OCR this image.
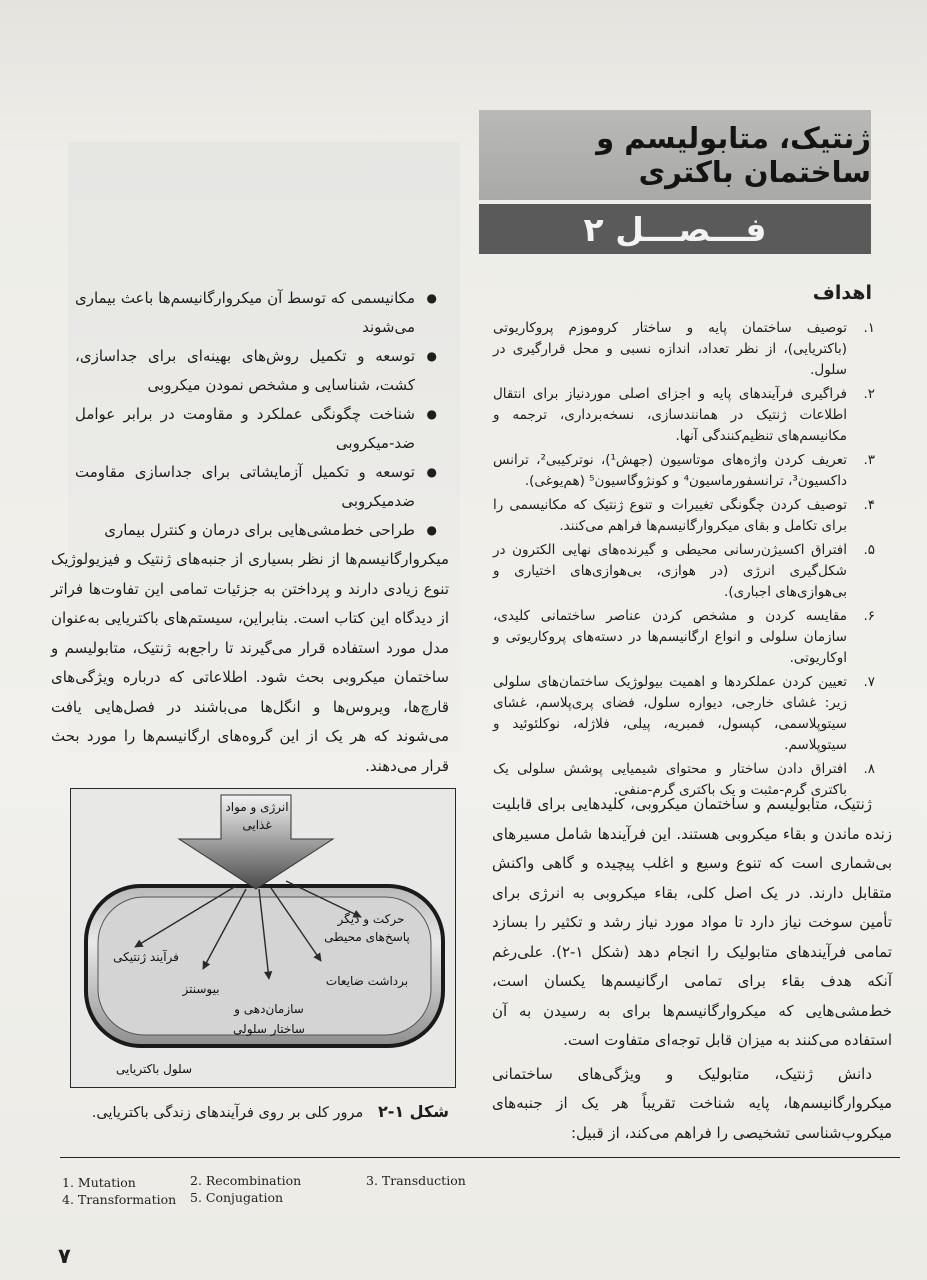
ژنتیک، متابولیسم و ساختمان باکتری
فـــصـــل ۲
اهداف
۱.
توصیف ساختمان پایه و ساختار کروموزم پروکاریوتی (باکتریایی)، از نظر تعداد، اندازه نسبی و محل قرارگیری در سلول.
۲.
فراگیری فرآیندهای پایه و اجزای اصلی موردنیاز برای انتقال اطلاعات ژنتیک در همانندسازی، نسخه‌برداری، ترجمه و مکانیسم‌های تنظیم‌کنندگی آنها.
۳.
تعریف کردن واژه‌های موتاسیون (جهش¹)، نوترکیبی²، ترانس داکسیون³، ترانسفورماسیون⁴ و کونژوگاسیون⁵ (هم‌یوغی).
۴.
توصیف کردن چگونگی تغییرات و تنوع ژنتیک که مکانیسمی را برای تکامل و بقای میکروارگانیسم‌ها فراهم می‌کنند.
۵.
افتراق اکسیژن‌رسانی محیطی و گیرنده‌های نهایی الکترون در شکل‌گیری انرژی (در هوازی، بی‌هوازی‌های اختیاری و بی‌هوازی‌های اجباری).
۶.
مقایسه کردن و مشخص کردن عناصر ساختمانی کلیدی، سازمان سلولی و انواع ارگانیسم‌ها در دسته‌های پروکاریوتی و اوکاریوتی.
۷.
تعیین کردن عملکردها و اهمیت بیولوژیک ساختمان‌های سلولی زیر: غشای خارجی، دیواره سلول، فضای پری‌پلاسم، غشای سیتوپلاسمی، کپسول، فمبریه، پیلی، فلاژله، نوکلئوئید و سیتوپلاسم.
۸.
افتراق دادن ساختار و محتوای شیمیایی پوشش سلولی یک باکتری گرم‑مثبت و یک باکتری گرم‑منفی.
●
مکانیسمی که توسط آن میکروارگانیسم‌ها باعث بیماری می‌شوند
●
توسعه و تکمیل روش‌های بهینه‌ای برای جداسازی، کشت، شناسایی و مشخص نمودن میکروبی
●
شناخت چگونگی عملکرد و مقاومت در برابر عوامل ضد‑میکروبی
●
توسعه و تکمیل آزمایشاتی برای جداسازی مقاومت ضدمیکروبی
●
طراحی خط‌مشی‌هایی برای درمان و کنترل بیماری
میکروارگانیسم‌ها از نظر بسیاری از جنبه‌های ژنتیک و فیزیولوژیک تنوع زیادی دارند و پرداختن به جزئیات تمامی این تفاوت‌ها فراتر از دیدگاه این کتاب است. بنابراین، سیستم‌های باکتریایی به‌عنوان مدل مورد استفاده قرار می‌گیرند تا راجع‌به ژنتیک، متابولیسم و ساختمان میکروبی بحث شود. اطلاعاتی که درباره ویژگی‌های قارچ‌ها، ویروس‌ها و انگل‌ها می‌باشند در فصل‌هایی یافت می‌شوند که هر یک از این گروه‌های ارگانیسم‌ها را مورد بحث قرار می‌دهند.

ژنتیک، متابولیسم و ساختمان میکروبی، کلیدهایی برای قابلیت زنده ماندن و بقاء میکروبی هستند. این فرآیندها شامل مسیرهای بی‌شماری است که تنوع وسیع و اغلب پیچیده و گاهی واکنش متقابل دارند. در یک اصل کلی، بقاء میکروبی به انرژی برای تأمین سوخت نیاز دارد تا مواد مورد نیاز رشد و تکثیر را بسازد تمامی فرآیندهای متابولیک را انجام دهد (شکل ۱‑۲). علی‌رغم آنکه هدف بقاء برای تمامی ارگانیسم‌ها یکسان است، خط‌مشی‌هایی که میکروارگانیسم‌ها برای به رسیدن به آن استفاده می‌کنند به میزان قابل توجه‌ای متفاوت است.

دانش ژنتیک، متابولیک و ویژگی‌های ساختمانی میکروارگانیسم‌ها، پایه شناخت تقریباً هر یک از جنبه‌های میکروب‌شناسی تشخیصی را فراهم می‌کند، از قبیل:

انرژی و مواد
غذایی
فرآیند ژنتیکی
بیوسنتز
سازمان‌دهی و
ساختار سلولی
برداشت ضایعات
حرکت و دیگر
پاسخ‌های محیطی
سلول باکتریایی
شکل ۱‑۲ مرور کلی بر روی فرآیندهای زندگی باکتریایی.
1. Mutation	2. Recombination	3. Transduction
4. Transformation 5. Conjugation
۷
